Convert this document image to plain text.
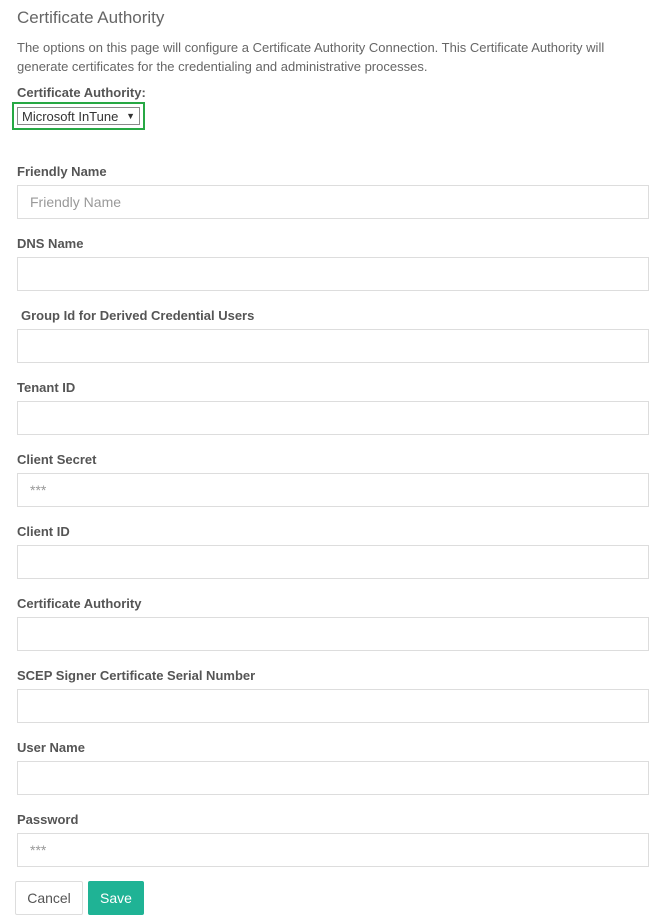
Certificate Authority
The options on this page will configure a Certificate Authority Connection. This Certificate Authority will generate certificates for the credentialing and administrative processes.
Certificate Authority:
Microsoft InTune ▼
Friendly Name
Friendly Name
DNS Name
Group Id for Derived Credential Users
Tenant ID
Client Secret
Client ID
Certificate Authority
SCEP Signer Certificate Serial Number
User Name
Password
Cancel	Save
